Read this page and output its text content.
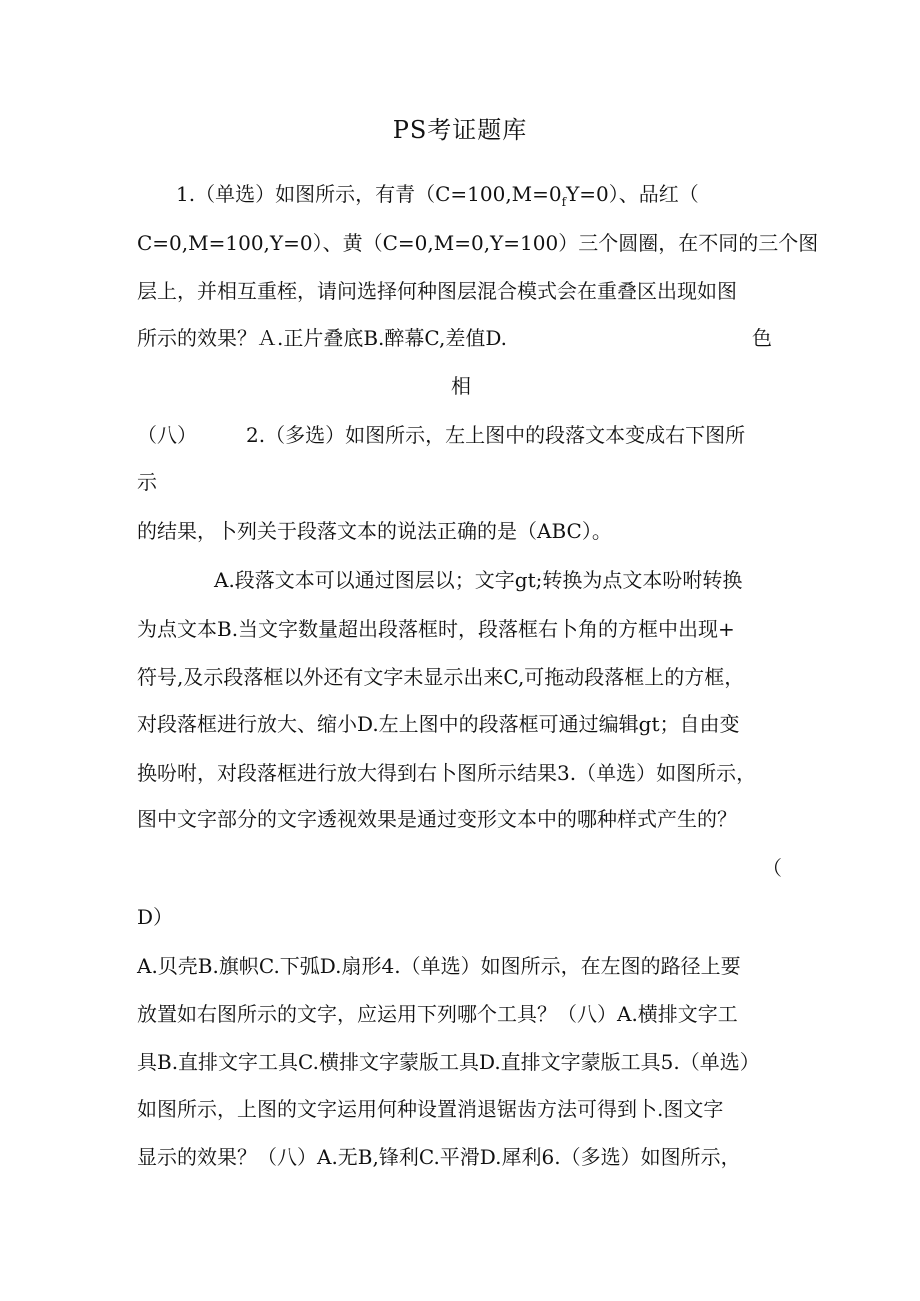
PS考证题库
1.（单选）如图所示，有青$(C=100,M=0_fY=0)$、品红（
C=0,M=100,Y=0）、黄（C=0,M=0,Y=100）三个圆圈，在不同的三个图
层上，并相互重桎，请问选择何种图层混合模式会在重叠区出现如图
所示的效果？Ａ.正片叠底B.醉幕C,差值D.	色
相
（八） 2.（多选）如图所示，左上图中的段落文本变成右下图所
示
的结果，卜列关于段落文本的说法正确的是（ABC）。
A.段落文本可以通过图层以；文字gt;转换为点文本吩咐转换
为点文本B.当文字数量超出段落框时，段落框右卜角的方框中出现+
符号,及示段落框以外还有文字未显示出来C,可拖动段落框上的方框，
对段落框进行放大、缩小D.左上图中的段落框可通过编辑gt；自由变
换吩咐，对段落框进行放大得到右卜图所示结果3.（单选）如图所示，
图中文字部分的文字透视效果是通过变形文本中的哪种样式产生的？
（
D）
A.贝壳B.旗帜C.下弧D.扇形4.（单选）如图所示，在左图的路径上要
放置如右图所示的文字，应运用下列哪个工具？（八）A.横排文字工
具B.直排文字工具C.横排文字蒙版工具D.直排文字蒙版工具5.（单选）
如图所示，上图的文字运用何种设置消退锯齿方法可得到卜.图文字
显示的效果？（八）A.无B,锋利C.平滑D.犀利6.（多选）如图所示，
